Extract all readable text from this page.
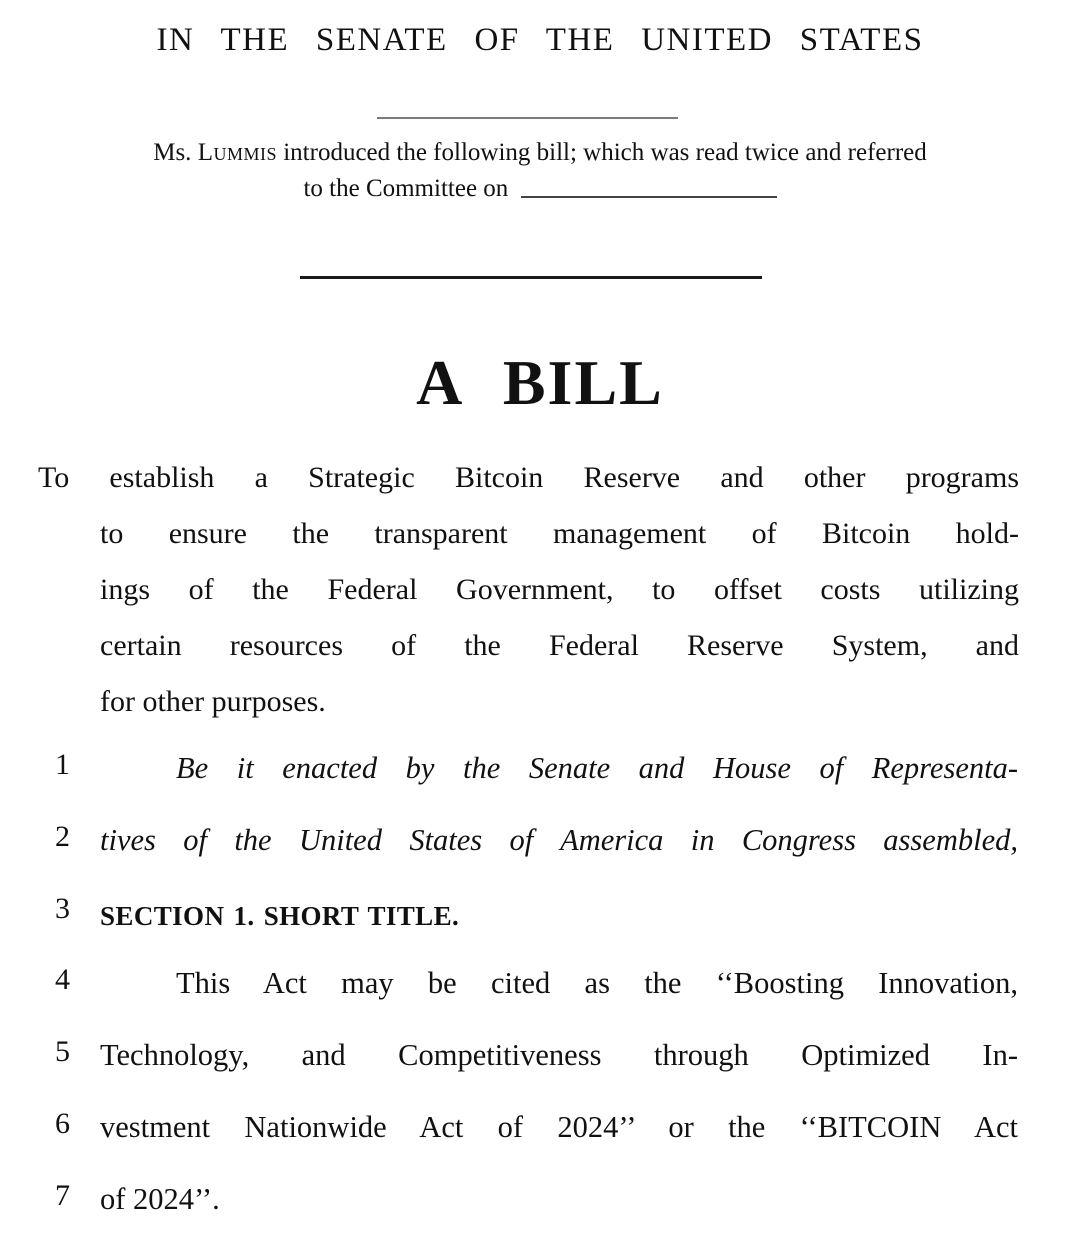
IN THE SENATE OF THE UNITED STATES
Ms. Lummis introduced the following bill; which was read twice and referred
to the Committee on
A BILL
To establish a Strategic Bitcoin Reserve and other programs
to ensure the transparent management of Bitcoin hold-
ings of the Federal Government, to offset costs utilizing
certain resources of the Federal Reserve System, and
for other purposes.
1	Be it enacted by the Senate and House of Representa-
2 tives of the United States of America in Congress assembled,
3 SECTION 1. SHORT TITLE.
4	This Act may be cited as the ‘‘Boosting Innovation,
5 Technology, and Competitiveness through Optimized In-
6 vestment Nationwide Act of 2024’’ or the ‘‘BITCOIN Act
7 of 2024’’.
